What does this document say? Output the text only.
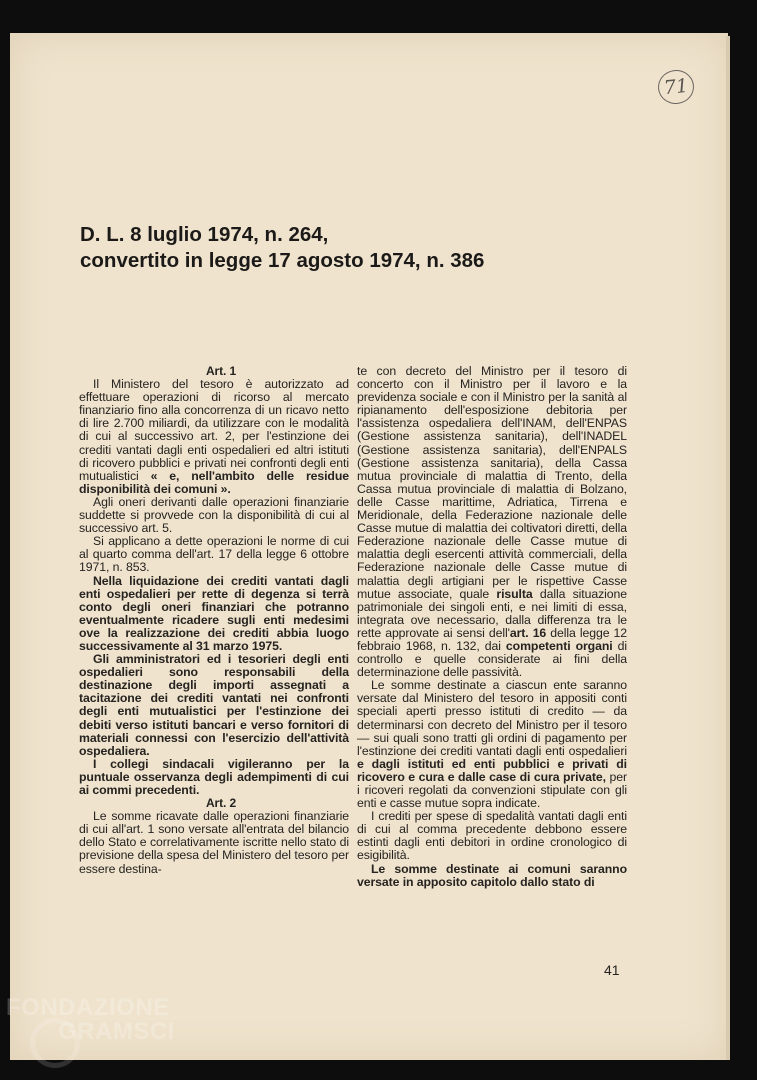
71
D. L. 8 luglio 1974, n. 264,
convertito in legge 17 agosto 1974, n. 386

Art. 1

Il Ministero del tesoro è autorizzato ad effettuare operazioni di ricorso al mercato finanziario fino alla concorrenza di un ricavo netto di lire 2.700 miliardi, da utilizzare con le modalità di cui al successivo art. 2, per l'estinzione dei crediti vantati dagli enti ospedalieri ed altri istituti di ricovero pubblici e privati nei confronti degli enti mutualistici « e, nell'ambito delle residue disponibilità dei comuni ».

Agli oneri derivanti dalle operazioni finanziarie suddette si provvede con la disponibilità di cui al successivo art. 5.

Si applicano a dette operazioni le norme di cui al quarto comma dell'art. 17 della legge 6 ottobre 1971, n. 853.

Nella liquidazione dei crediti vantati dagli enti ospedalieri per rette di degenza si terrà conto degli oneri finanziari che potranno eventualmente ricadere sugli enti medesimi ove la realizzazione dei crediti abbia luogo successivamente al 31 marzo 1975.

Gli amministratori ed i tesorieri degli enti ospedalieri sono responsabili della destinazione degli importi assegnati a tacitazione dei crediti vantati nei confronti degli enti mutualistici per l'estinzione dei debiti verso istituti bancari e verso fornitori di materiali connessi con l'esercizio dell'attività ospedaliera.

I collegi sindacali vigileranno per la puntuale osservanza degli adempimenti di cui ai commi precedenti.

Art. 2

Le somme ricavate dalle operazioni finanziarie di cui all'art. 1 sono versate all'entrata del bilancio dello Stato e correlativamente iscritte nello stato di previsione della spesa del Ministero del tesoro per essere destina-

te con decreto del Ministro per il tesoro di concerto con il Ministro per il lavoro e la previdenza sociale e con il Ministro per la sanità al ripianamento dell'esposizione debitoria per l'assistenza ospedaliera dell'INAM, dell'ENPAS (Gestione assistenza sanitaria), dell'INADEL (Gestione assistenza sanitaria), dell'ENPALS (Gestione assistenza sanitaria), della Cassa mutua provinciale di malattia di Trento, della Cassa mutua provinciale di malattia di Bolzano, delle Casse marittime, Adriatica, Tirrena e Meridionale, della Federazione nazionale delle Casse mutue di malattia dei coltivatori diretti, della Federazione nazionale delle Casse mutue di malattia degli esercenti attività commerciali, della Federazione nazionale delle Casse mutue di malattia degli artigiani per le rispettive Casse mutue associate, quale risulta dalla situazione patrimoniale dei singoli enti, e nei limiti di essa, integrata ove necessario, dalla differenza tra le rette approvate ai sensi dell'art. 16 della legge 12 febbraio 1968, n. 132, dai competenti organi di controllo e quelle considerate ai fini della determinazione delle passività.

Le somme destinate a ciascun ente saranno versate dal Ministero del tesoro in appositi conti speciali aperti presso istituti di credito — da determinarsi con decreto del Ministro per il tesoro — sui quali sono tratti gli ordini di pagamento per l'estinzione dei crediti vantati dagli enti ospedalieri e dagli istituti ed enti pubblici e privati di ricovero e cura e dalle case di cura private, per i ricoveri regolati da convenzioni stipulate con gli enti e casse mutue sopra indicate.

I crediti per spese di spedalità vantati dagli enti di cui al comma precedente debbono essere estinti dagli enti debitori in ordine cronologico di esigibilità.

Le somme destinate ai comuni saranno versate in apposito capitolo dallo stato di

41
FONDAZIONE
GRAMSCI
